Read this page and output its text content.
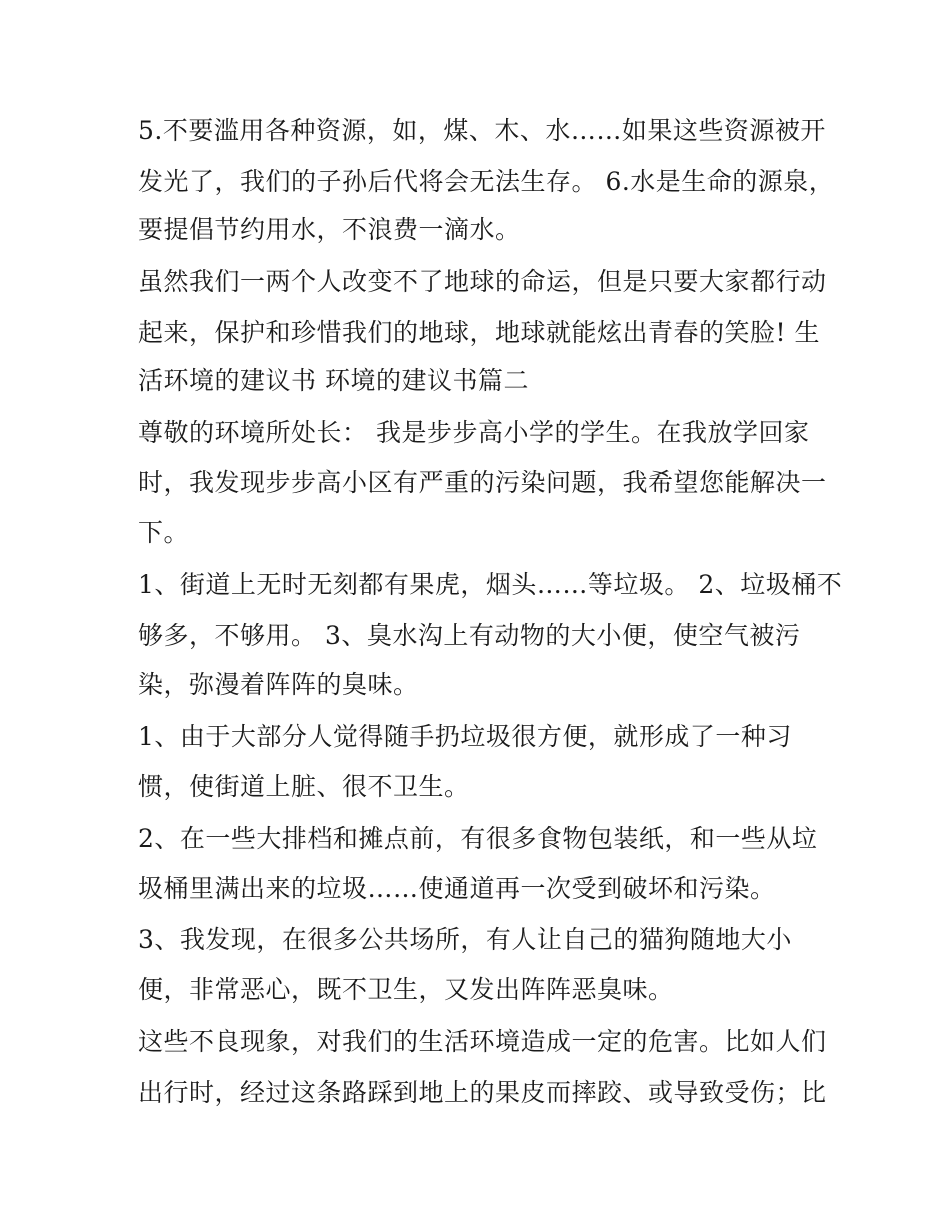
5.不要滥用各种资源，如，煤、木、水……如果这些资源被开
发光了，我们的子孙后代将会无法生存。 6.水是生命的源泉，
要提倡节约用水，不浪费一滴水。
虽然我们一两个人改变不了地球的命运，但是只要大家都行动
起来，保护和珍惜我们的地球，地球就能炫出青春的笑脸! 生
活环境的建议书 环境的建议书篇二
尊敬的环境所处长： 我是步步高小学的学生。在我放学回家
时，我发现步步高小区有严重的污染问题，我希望您能解决一
下。
1、街道上无时无刻都有果虎，烟头……等垃圾。 2、垃圾桶不
够多，不够用。 3、臭水沟上有动物的大小便，使空气被污
染，弥漫着阵阵的臭味。
1、由于大部分人觉得随手扔垃圾很方便，就形成了一种习
惯，使街道上脏、很不卫生。
2、在一些大排档和摊点前，有很多食物包装纸，和一些从垃
圾桶里满出来的垃圾……使通道再一次受到破坏和污染。
3、我发现，在很多公共场所，有人让自己的猫狗随地大小
便，非常恶心，既不卫生，又发出阵阵恶臭味。
这些不良现象，对我们的生活环境造成一定的危害。比如人们
出行时，经过这条路踩到地上的果皮而摔跤、或导致受伤；比
